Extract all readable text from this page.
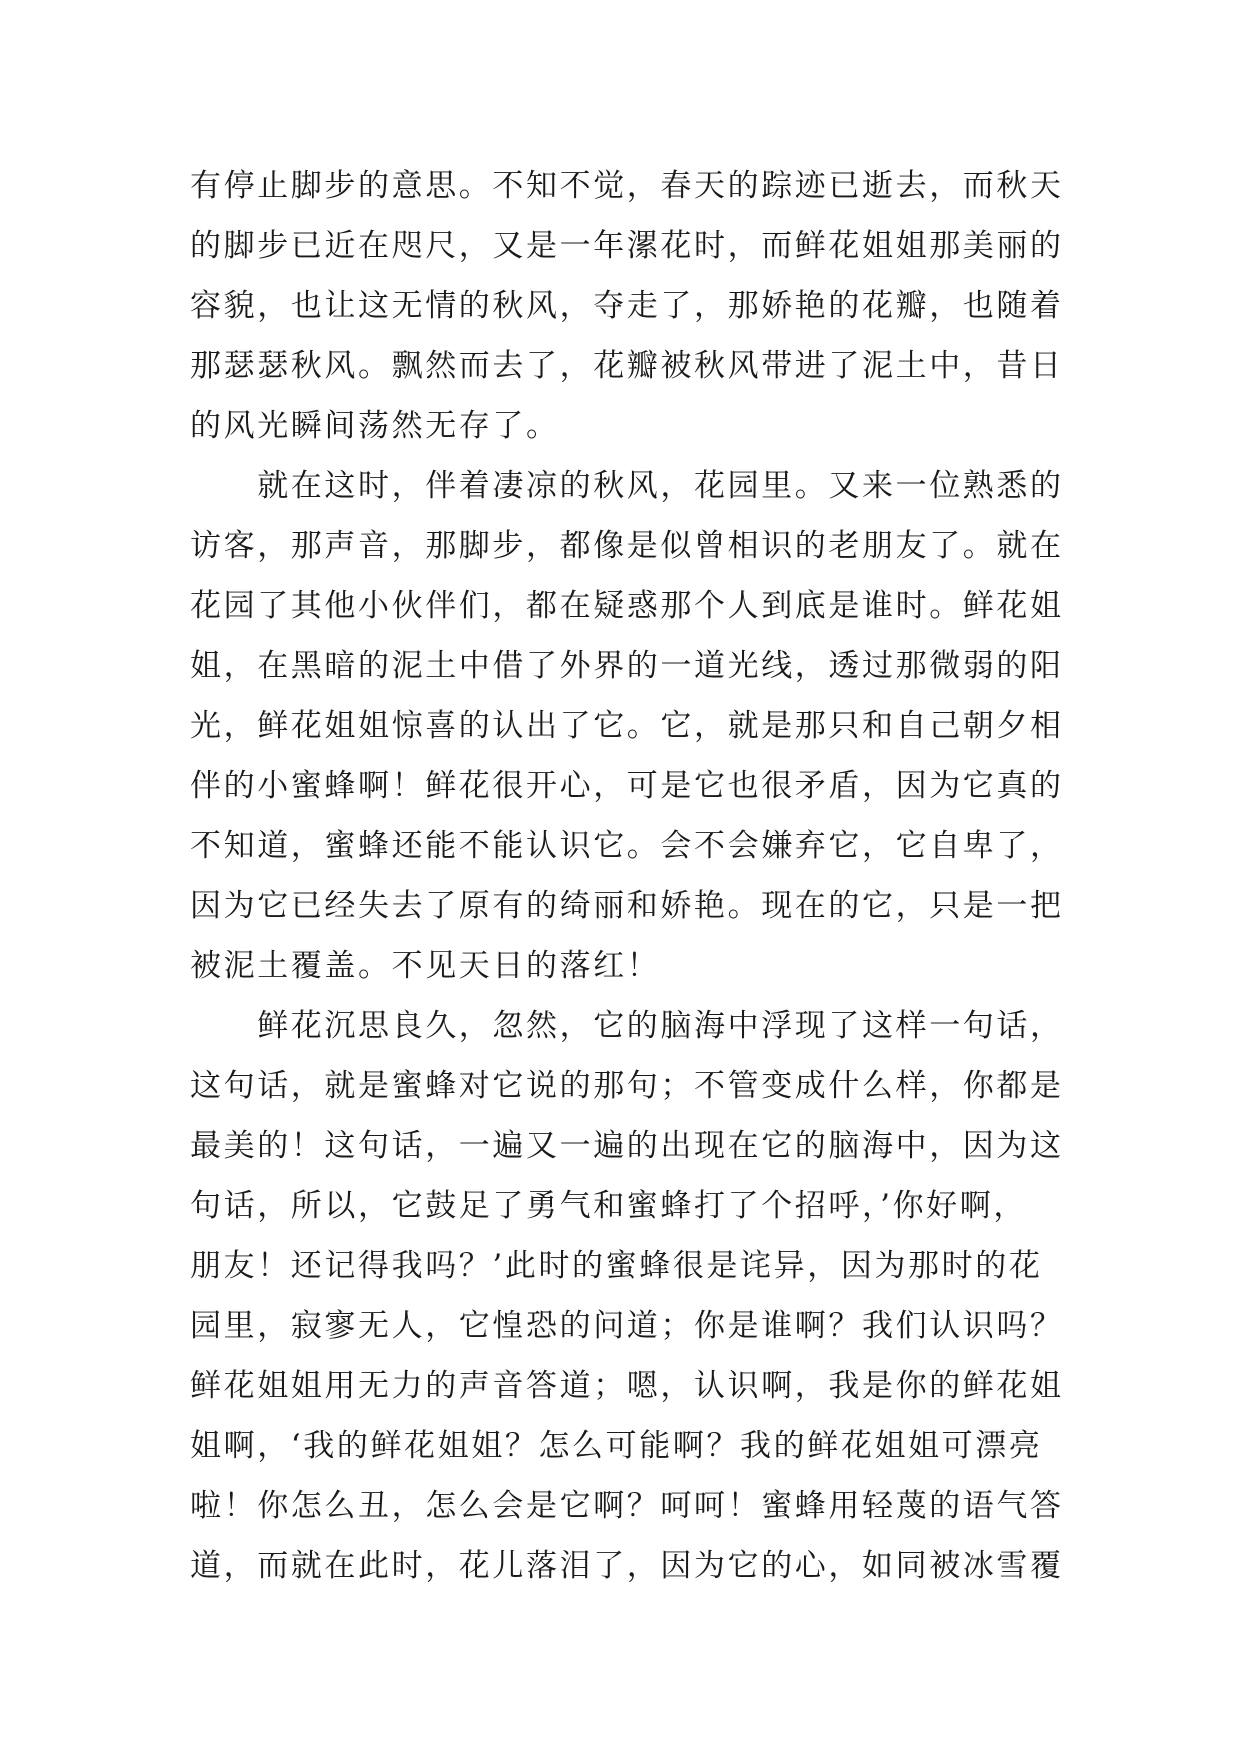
有停止脚步的意思。不知不觉，春天的踪迹已逝去，而秋天
的脚步已近在咫尺，又是一年漯花时，而鲜花姐姐那美丽的
容貌，也让这无情的秋风，夺走了，那娇艳的花瓣，也随着
那瑟瑟秋风。飘然而去了，花瓣被秋风带进了泥土中，昔日
的风光瞬间荡然无存了。
　　就在这时，伴着凄凉的秋风，花园里。又来一位熟悉的
访客，那声音，那脚步，都像是似曾相识的老朋友了。就在
花园了其他小伙伴们，都在疑惑那个人到底是谁时。鲜花姐
姐，在黑暗的泥土中借了外界的一道光线，透过那微弱的阳
光，鲜花姐姐惊喜的认出了它。它，就是那只和自己朝夕相
伴的小蜜蜂啊！鲜花很开心，可是它也很矛盾，因为它真的
不知道，蜜蜂还能不能认识它。会不会嫌弃它，它自卑了，
因为它已经失去了原有的绮丽和娇艳。现在的它，只是一把
被泥土覆盖。不见天日的落红！
　　鲜花沉思良久，忽然，它的脑海中浮现了这样一句话，
这句话，就是蜜蜂对它说的那句；不管变成什么样，你都是
最美的！这句话，一遍又一遍的出现在它的脑海中，因为这
句话，所以，它鼓足了勇气和蜜蜂打了个招呼，’你好啊，
朋友！还记得我吗？’此时的蜜蜂很是诧异，因为那时的花
园里，寂寥无人，它惶恐的问道；你是谁啊？我们认识吗？
鲜花姐姐用无力的声音答道；嗯，认识啊，我是你的鲜花姐
姐啊，‘我的鲜花姐姐？怎么可能啊？我的鲜花姐姐可漂亮
啦！你怎么丑，怎么会是它啊？呵呵！蜜蜂用轻蔑的语气答
道，而就在此时，花儿落泪了，因为它的心，如同被冰雪覆
